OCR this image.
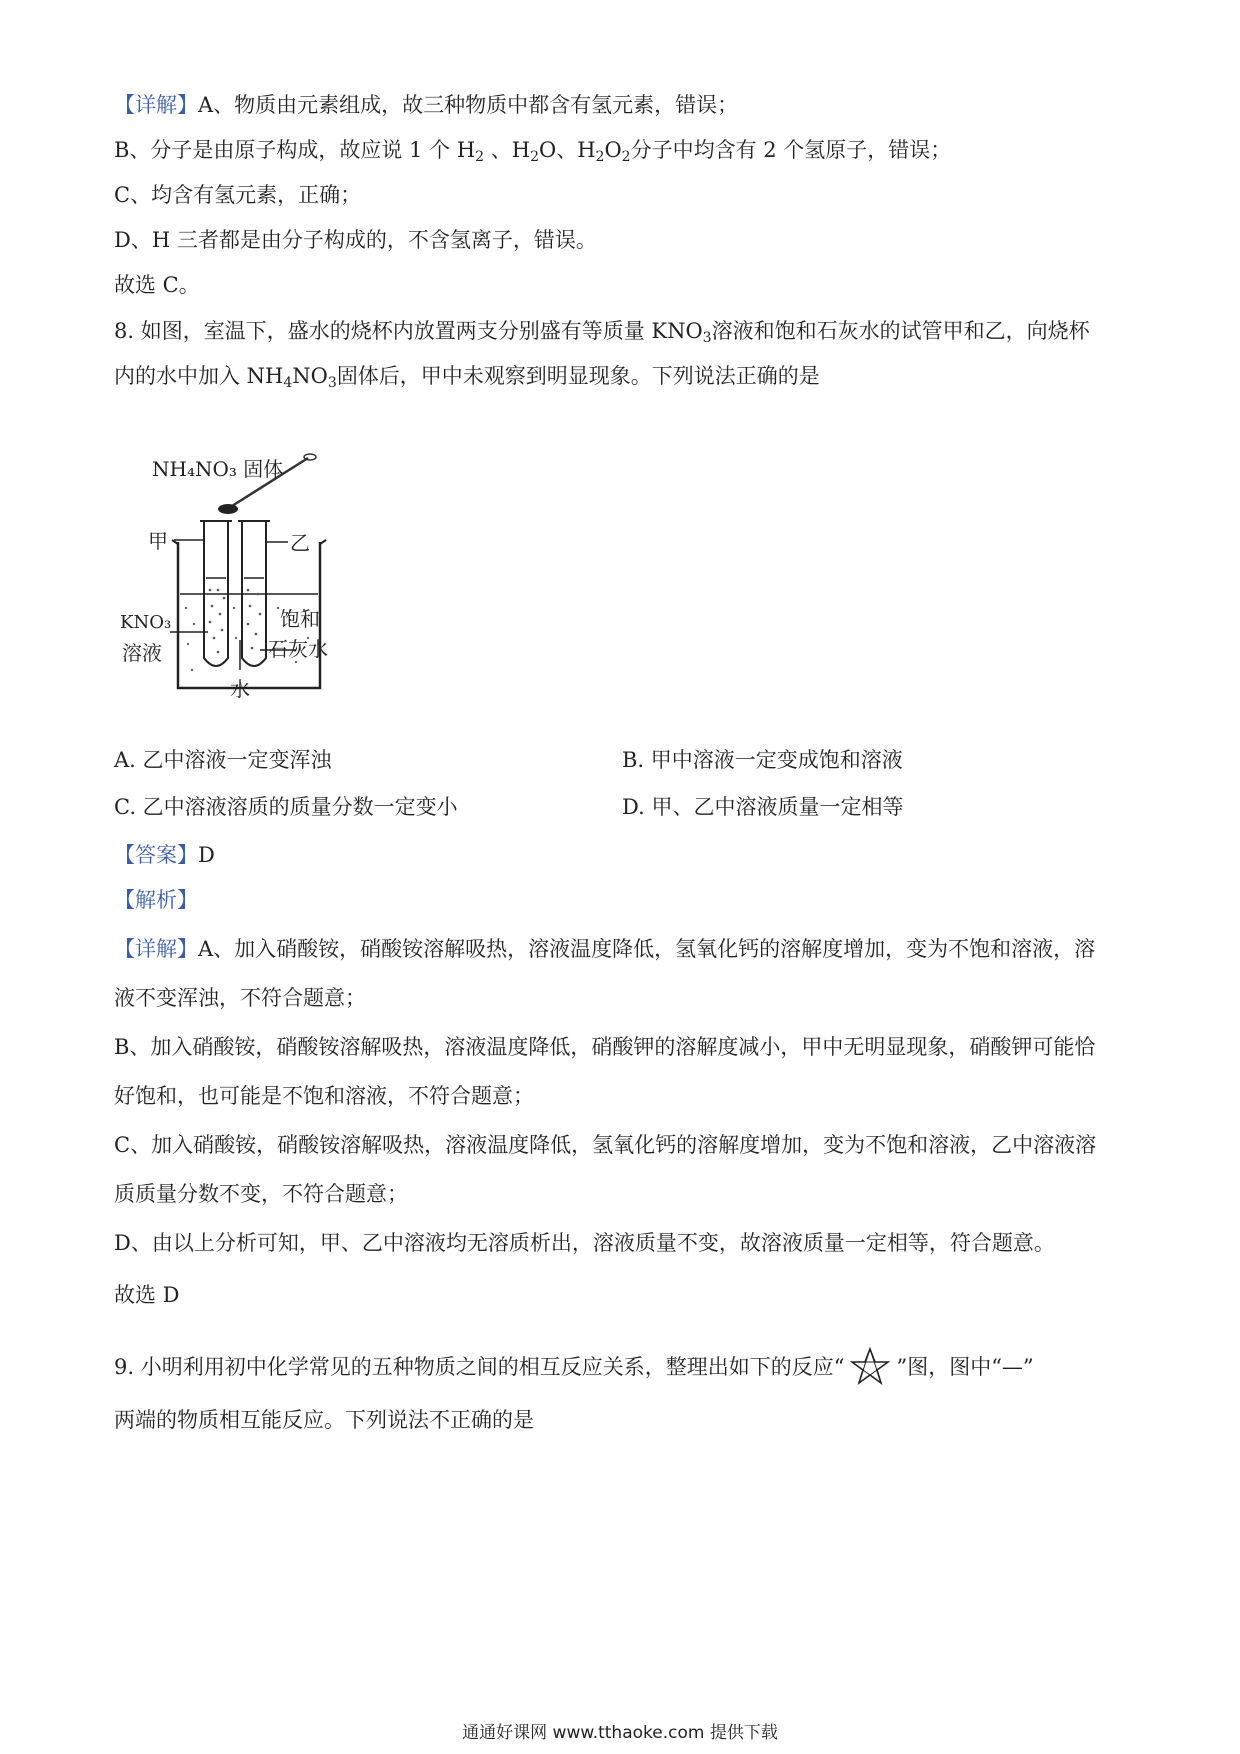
【详解】A、物质由元素组成，故三种物质中都含有氢元素，错误；
B、分子是由原子构成，故应说 1 个 $H_2$ 、$H_2O$、$H_2O_2$分子中均含有 2 个氢原子，错误；
C、均含有氢元素，正确；
D、H 三者都是由分子构成的，不含氢离子，错误。
故选 C。
8. 如图，室温下，盛水的烧杯内放置两支分别盛有等质量 $KNO_3$溶液和饱和石灰水的试管甲和乙，向烧杯
内的水中加入 $NH_4NO_3$固体后，甲中未观察到明显现象。下列说法正确的是
NH₄NO₃ 固体
甲	乙
KNO₃
溶液
饱和
石灰水
水
A. 乙中溶液一定变浑浊	B. 甲中溶液一定变成饱和溶液
C. 乙中溶液溶质的质量分数一定变小	D. 甲、乙中溶液质量一定相等
【答案】D
【解析】
【详解】A、加入硝酸铵，硝酸铵溶解吸热，溶液温度降低，氢氧化钙的溶解度增加，变为不饱和溶液，溶
液不变浑浊，不符合题意；
B、加入硝酸铵，硝酸铵溶解吸热，溶液温度降低，硝酸钾的溶解度减小，甲中无明显现象，硝酸钾可能恰
好饱和，也可能是不饱和溶液，不符合题意；
C、加入硝酸铵，硝酸铵溶解吸热，溶液温度降低，氢氧化钙的溶解度增加，变为不饱和溶液，乙中溶液溶
质质量分数不变，不符合题意；
D、由以上分析可知，甲、乙中溶液均无溶质析出，溶液质量不变，故溶液质量一定相等，符合题意。
故选 D
9. 小明利用初中化学常见的五种物质之间的相互反应关系，整理出如下的反应“ ”图，图中“—”
两端的物质相互能反应。下列说法不正确的是
通通好课网 www.tthaoke.com 提供下载
